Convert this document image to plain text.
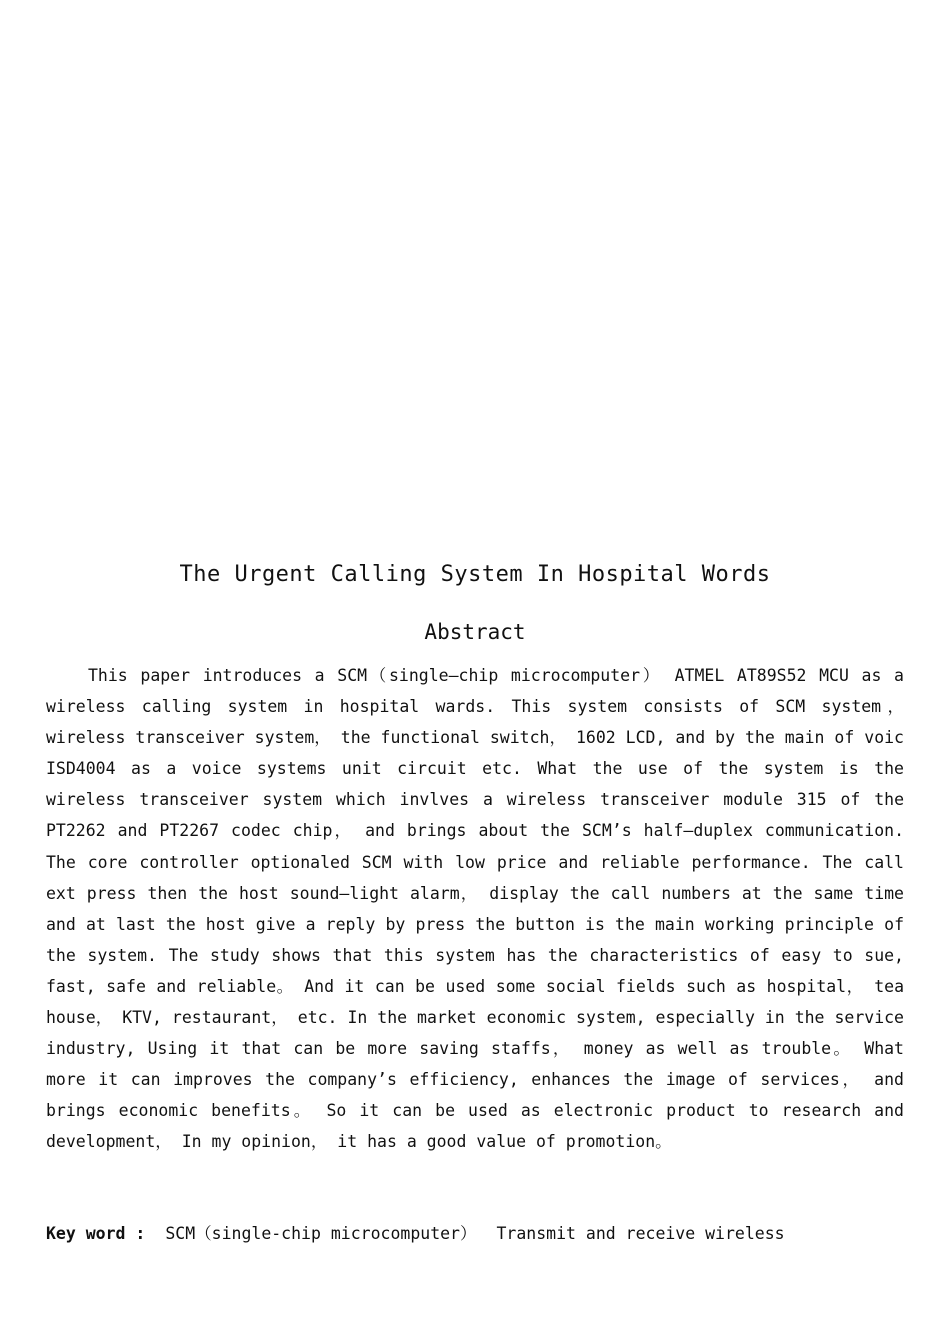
The Urgent Calling System In Hospital Words
Abstract

This paper introduces a SCM（single—chip microcomputer） ATMEL AT89S52 MCU as a wireless calling system in hospital wards. This system consists of SCM system， wireless transceiver system， the functional switch， 1602 LCD, and by the main of voic ISD4004 as a voice systems unit circuit etc. What the use of the system is the wireless transceiver system which invlves a wireless transceiver module 315 of the PT2262 and PT2267 codec chip， and brings about the SCM’s half—duplex communication. The core controller optionaled SCM with low price and reliable performance. The call ext press then the host sound—light alarm， display the call numbers at the same time and at last the host give a reply by press the button is the main working principle of the system. The study shows that this system has the characteristics of easy to sue, fast, safe and reliable。 And it can be used some social fields such as hospital， tea house， KTV, restaurant， etc. In the market economic system, especially in the service industry, Using it that can be more saving staffs， money as well as trouble。 What more it can improves the company’s efficiency, enhances the image of services， and brings economic benefits。 So it can be used as electronic product to research and development， In my opinion， it has a good value of promotion。

Key word : SCM（single-chip microcomputer） Transmit and receive wireless
